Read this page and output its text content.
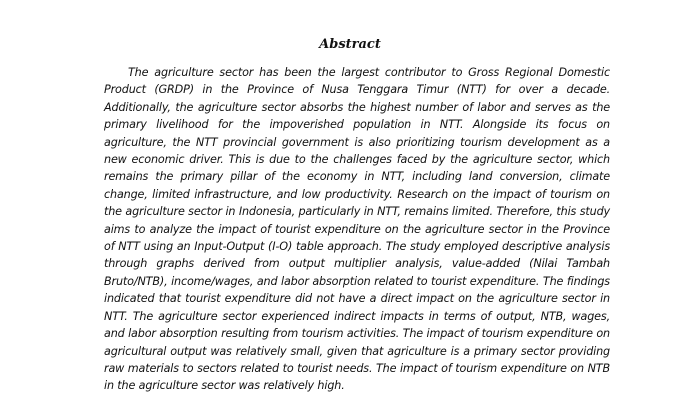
Abstract

The agriculture sector has been the largest contributor to Gross Regional Domestic Product (GRDP) in the Province of Nusa Tenggara Timur (NTT) for over a decade. Additionally, the agriculture sector absorbs the highest number of labor and serves as the primary livelihood for the impoverished population in NTT. Alongside its focus on agriculture, the NTT provincial government is also prioritizing tourism development as a new economic driver. This is due to the challenges faced by the agriculture sector, which remains the primary pillar of the economy in NTT, including land conversion, climate change, limited infrastructure, and low productivity. Research on the impact of tourism on the agriculture sector in Indonesia, particularly in NTT, remains limited. Therefore, this study aims to analyze the impact of tourist expenditure on the agriculture sector in the Province of NTT using an Input-Output (I-O) table approach. The study employed descriptive analysis through graphs derived from output multiplier analysis, value-added (Nilai Tambah Bruto/NTB), income/wages, and labor absorption related to tourist expenditure. The findings indicated that tourist expenditure did not have a direct impact on the agriculture sector in NTT. The agriculture sector experienced indirect impacts in terms of output, NTB, wages, and labor absorption resulting from tourism activities. The impact of tourism expenditure on agricultural output was relatively small, given that agriculture is a primary sector providing raw materials to sectors related to tourist needs. The impact of tourism expenditure on NTB in the agriculture sector was relatively high.
